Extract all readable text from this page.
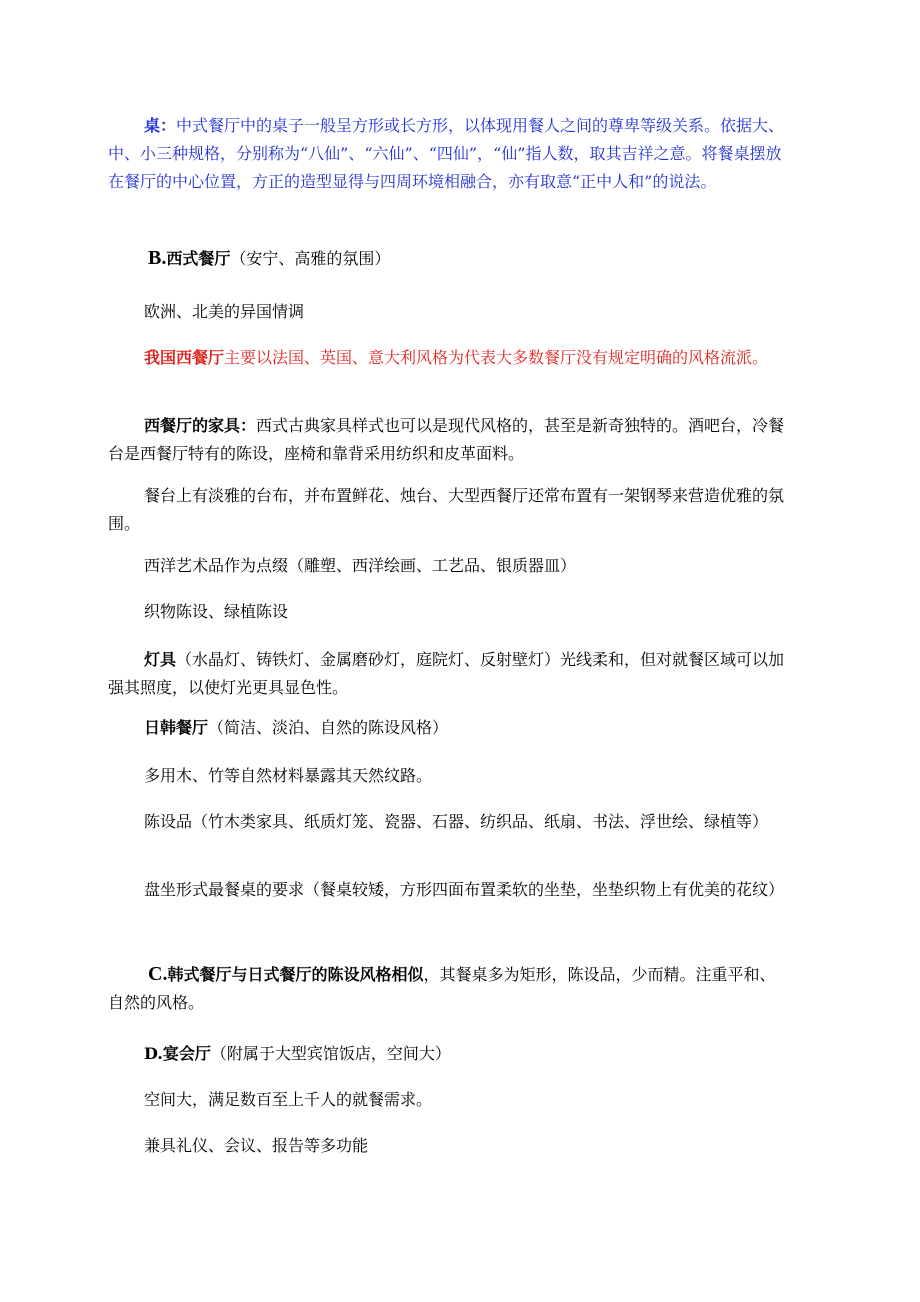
桌：中式餐厅中的桌子一般呈方形或长方形，以体现用餐人之间的尊卑等级关系。依据大、中、小三种规格，分别称为“八仙”、“六仙”、“四仙”，“仙”指人数，取其吉祥之意。将餐桌摆放在餐厅的中心位置，方正的造型显得与四周环境相融合，亦有取意“正中人和”的说法。

B.西式餐厅（安宁、高雅的氛围）

欧洲、北美的异国情调

我国西餐厅主要以法国、英国、意大利风格为代表大多数餐厅没有规定明确的风格流派。

西餐厅的家具：西式古典家具样式也可以是现代风格的，甚至是新奇独特的。酒吧台，冷餐台是西餐厅特有的陈设，座椅和靠背采用纺织和皮革面料。

餐台上有淡雅的台布，并布置鲜花、烛台、大型西餐厅还常布置有一架钢琴来营造优雅的氛围。

西洋艺术品作为点缀（雕塑、西洋绘画、工艺品、银质器皿）

织物陈设、绿植陈设

灯具（水晶灯、铸铁灯、金属磨砂灯，庭院灯、反射壁灯）光线柔和，但对就餐区域可以加强其照度，以使灯光更具显色性。

日韩餐厅（简洁、淡泊、自然的陈设风格）

多用木、竹等自然材料暴露其天然纹路。

陈设品（竹木类家具、纸质灯笼、瓷器、石器、纺织品、纸扇、书法、浮世绘、绿植等）

盘坐形式最餐桌的要求（餐桌较矮，方形四面布置柔软的坐垫，坐垫织物上有优美的花纹）

C.韩式餐厅与日式餐厅的陈设风格相似，其餐桌多为矩形，陈设品，少而精。注重平和、自然的风格。

D.宴会厅（附属于大型宾馆饭店，空间大）

空间大，满足数百至上千人的就餐需求。

兼具礼仪、会议、报告等多功能
